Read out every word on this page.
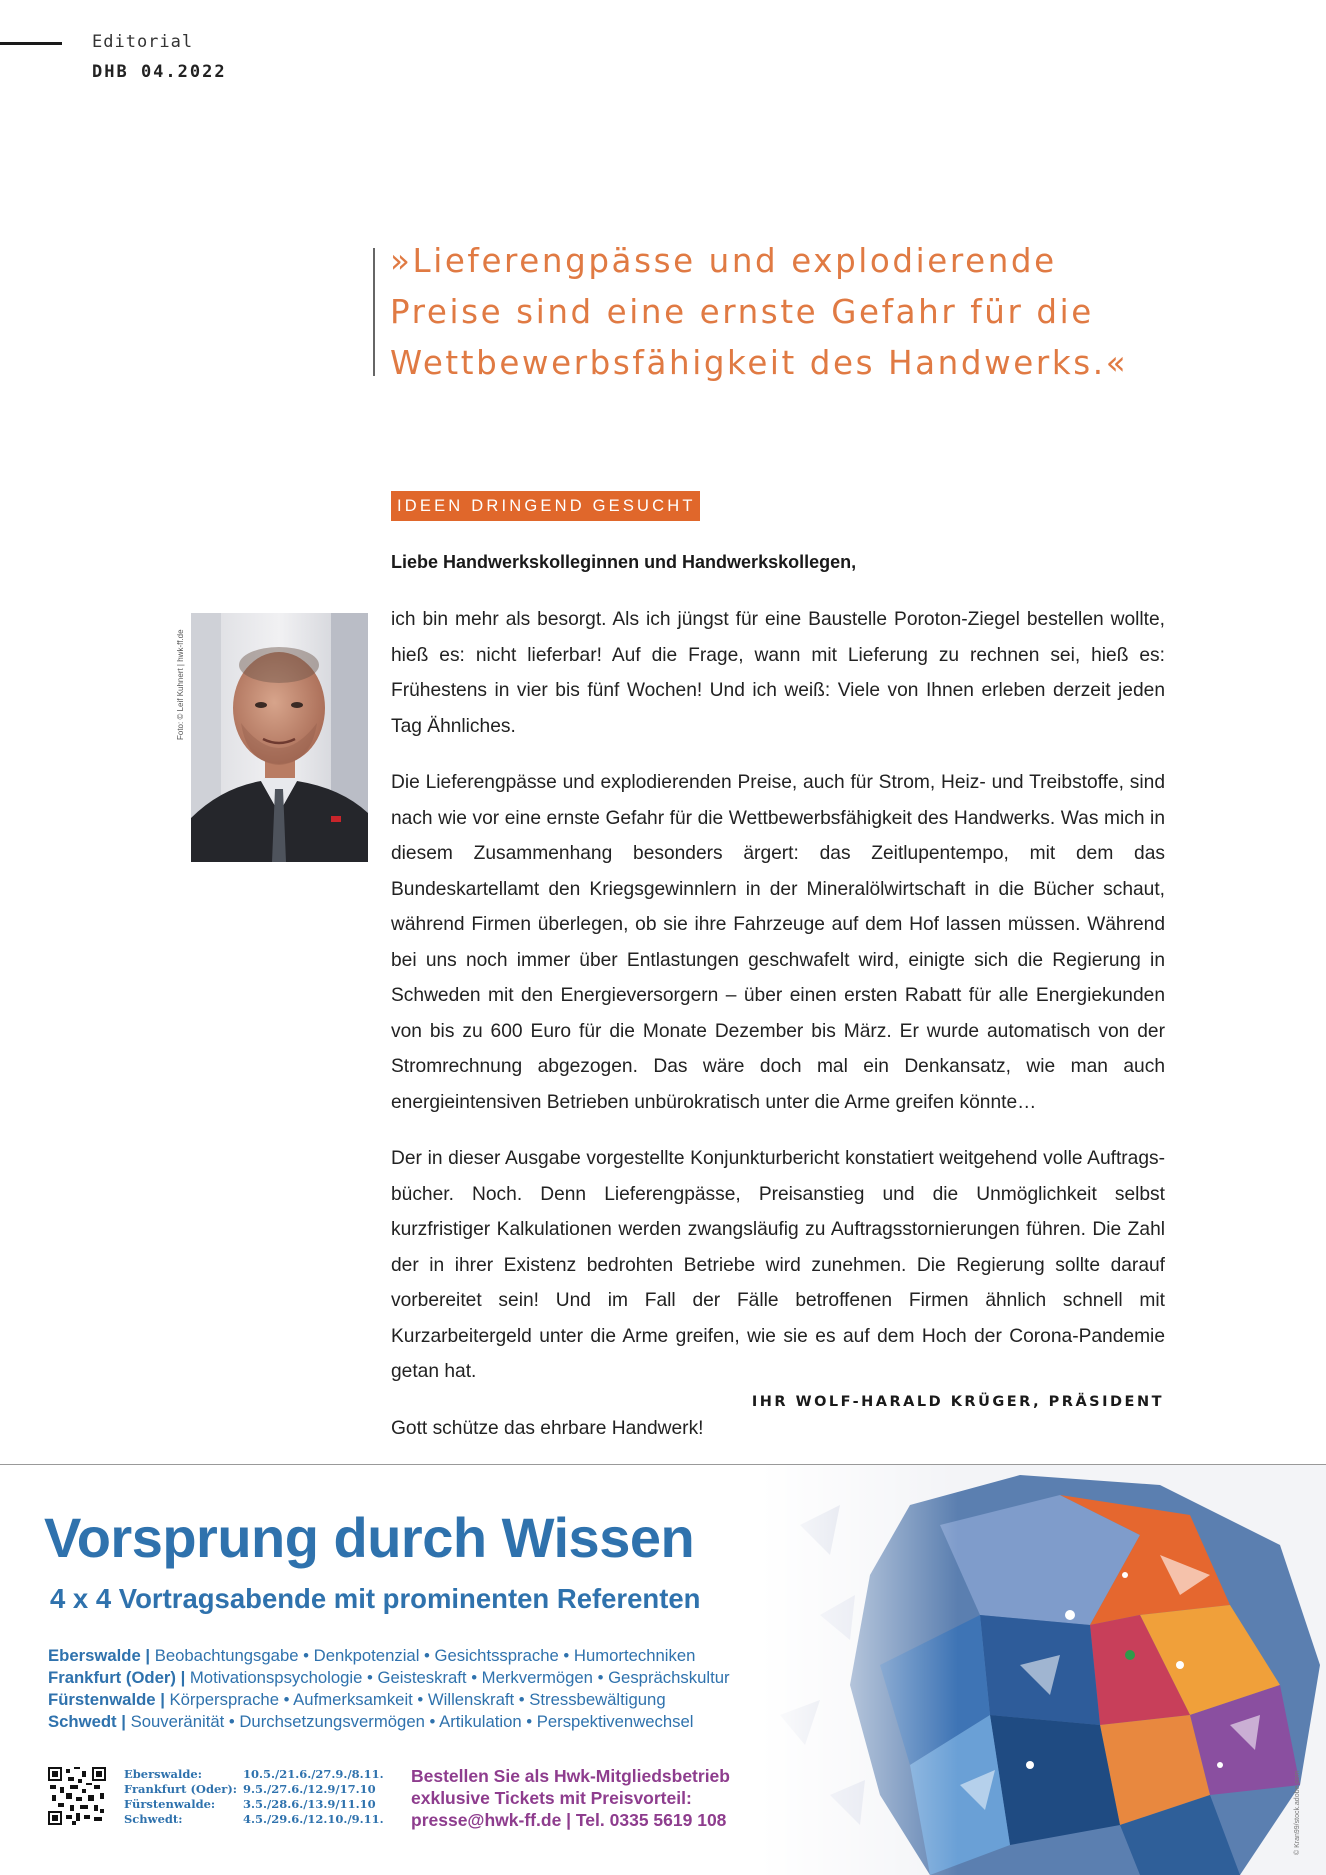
Editorial
DHB 04.2022
»Lieferengpässe und explodierende
Preise sind eine ernste Gefahr für die
Wettbewerbsfähigkeit des Handwerks.«
IDEEN DRINGEND GESUCHT
Liebe Handwerkskolleginnen und Handwerkskollegen,
Foto: © Leif Kuhnert | hwk-ff.de

ich bin mehr als besorgt. Als ich jüngst für eine Baustelle Poroton-Ziegel bestellen wollte, hieß es: nicht lieferbar! Auf die Frage, wann mit Lieferung zu rechnen sei, hieß es: Frühestens in vier bis fünf Wochen! Und ich weiß: Viele von Ihnen erleben derzeit jeden Tag Ähnliches.

Die Lieferengpässe und explodierenden Preise, auch für Strom, Heiz- und Treibstoffe, sind nach wie vor eine ernste Gefahr für die Wettbewerbsfähigkeit des Handwerks. Was mich in diesem Zusammenhang besonders ärgert: das Zeitlupentempo, mit dem das Bundeskartellamt den Kriegsgewinnlern in der Mineralölwirtschaft in die Bücher schaut, während Firmen überlegen, ob sie ihre Fahrzeuge auf dem Hof lassen müssen. Während bei uns noch immer über Entlastungen geschwafelt wird, einigte sich die Regierung in Schweden mit den Energieversorgern – über einen ersten Rabatt für alle Energiekunden von bis zu 600 Euro für die Monate Dezember bis März. Er wurde automatisch von der Stromrechnung abgezogen. Das wäre doch mal ein Denkansatz, wie man auch energieintensiven Betrieben unbürokratisch unter die Arme greifen könnte…

Der in dieser Ausgabe vorgestellte Konjunkturbericht konstatiert weitgehend volle Auftragsbücher. Noch. Denn Lieferengpässe, Preisanstieg und die Unmöglichkeit selbst kurzfristiger Kalkulationen werden zwangsläufig zu Auftragsstornierungen führen. Die Zahl der in ihrer Existenz bedrohten Betriebe wird zunehmen. Die Regierung sollte darauf vorbereitet sein! Und im Fall der Fälle betroffenen Firmen ähnlich schnell mit Kurzarbeitergeld unter die Arme greifen, wie sie es auf dem Hoch der Corona-Pandemie getan hat.

Gott schütze das ehrbare Handwerk!

IHR WOLF-HARALD KRÜGER, PRÄSIDENT
Vorsprung durch Wissen
4 x 4 Vortragsabende mit prominenten Referenten
Eberswalde | Beobachtungsgabe • Denkpotenzial • Gesichtssprache • Humortechniken
Frankfurt (Oder) | Motivationspsychologie • Geisteskraft • Merkvermögen • Gesprächskultur
Fürstenwalde | Körpersprache • Aufmerksamkeit • Willenskraft • Stressbewältigung
Schwedt | Souveränität • Durchsetzungsvermögen • Artikulation • Perspektivenwechsel
Eberswalde:	10.5./21.6./27.9./8.11.
Frankfurt (Oder): 9.5./27.6./12.9/17.10
Fürstenwalde:	3.5./28.6./13.9/11.10
Schwedt:	4.5./29.6./12.10./9.11.
Bestellen Sie als Hwk-Mitgliedsbetrieb
exklusive Tickets mit Preisvorteil:
presse@hwk-ff.de | Tel. 0335 5619 108	© Kran99/stock.adobe.com
